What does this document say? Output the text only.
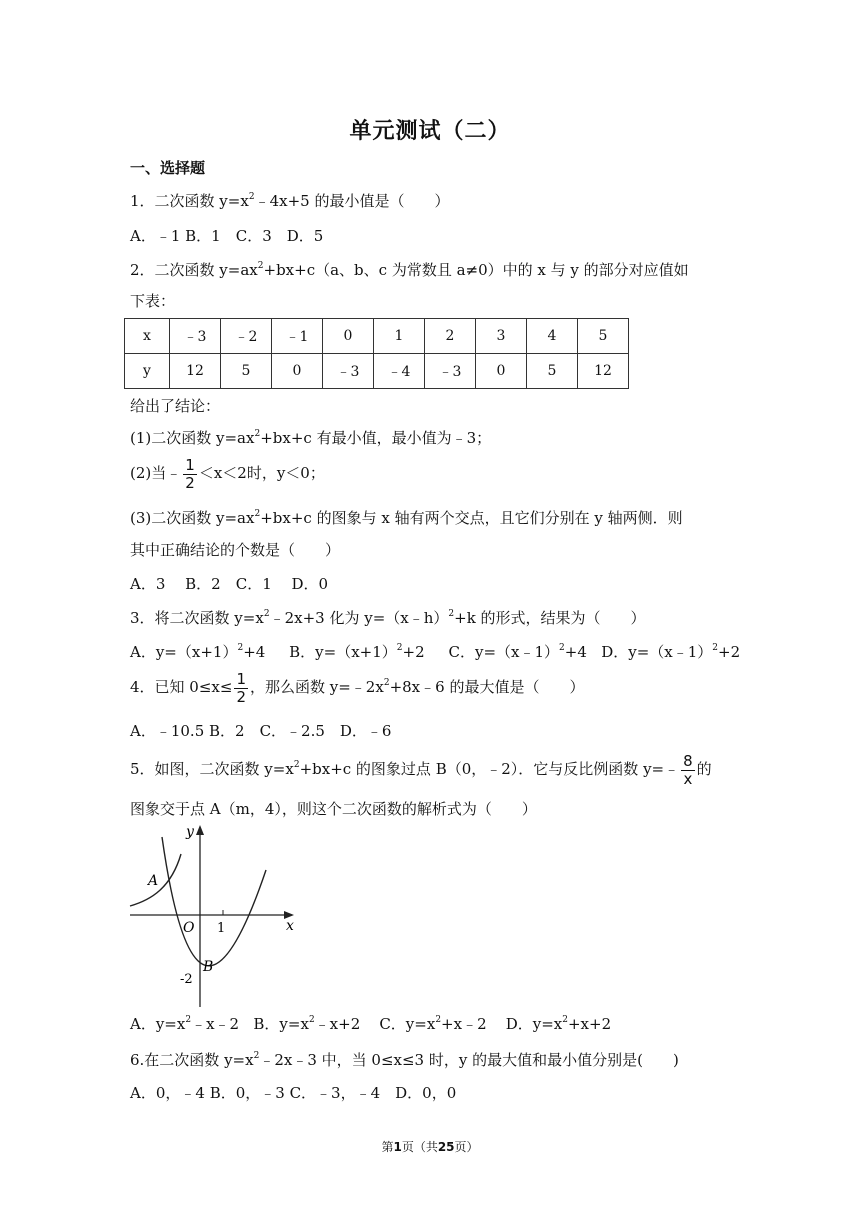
单元测试（二）
一、选择题
1．二次函数 $y=x^2﹣4x+5$ 的最小值是（　　）
A．﹣1 B．1　C．3　D．5
2．二次函数 $y=ax^2+bx+c(a$、b、c 为常数且 a≠0）中的 x 与 y 的部分对应值如
下表：
x	﹣3	﹣2	﹣1	0	1	2	3	4	5
y	12	5	0	﹣3	﹣4	﹣3	0	5	12
给出了结论：
(1)二次函数 $y=ax^2+bx+c$ 有最小值，最小值为﹣3；
(2)当﹣ $\frac{1}{2} <x<2$时，y＜0；
(3)二次函数 $y=ax^2+bx+c$ 的图象与 x 轴有两个交点，且它们分别在 y 轴两侧．则
其中正确结论的个数是（　　）
A．3　 B．2　C．1　 D．0
3．将二次函数 $y=x^2﹣2x+3$ 化为 y=（x﹣h）$^2$+k 的形式，结果为（　　）
A．$y=(x+1)^2+4$ B．$y=(x+1)^2+2$ C．y=（x﹣1）$^2$+4 D．y=（x﹣1）$^2$+2
4．已知 $0\le x\le \frac{1}{2}$ ，那么函数 $y=﹣2x^2+8x﹣6$ 的最大值是（　　）
A．﹣10.5 B．2　C．﹣2.5　D．﹣6
5．如图，二次函数 $y=x^2+bx+c$ 的图象过点 B（0，﹣2）．它与反比例函数 y=﹣ $\frac{8}{x}$ 的
图象交于点 A（m，4），则这个二次函数的解析式为（　　）
y
x
A
O 1
B
-2
A．$y=x^2﹣x﹣2$ B．$y=x^2﹣x+2$ C．$y=x^2+x﹣2$ D．$y=x^2+x+2$
6.在二次函数 $y=x^2﹣2x﹣3$ 中，当 0≤x≤3 时，y 的最大值和最小值分别是(　　)
A．0，﹣4 B．0，﹣3 C．﹣3，﹣4　D．0，0
第1页（共25页）
